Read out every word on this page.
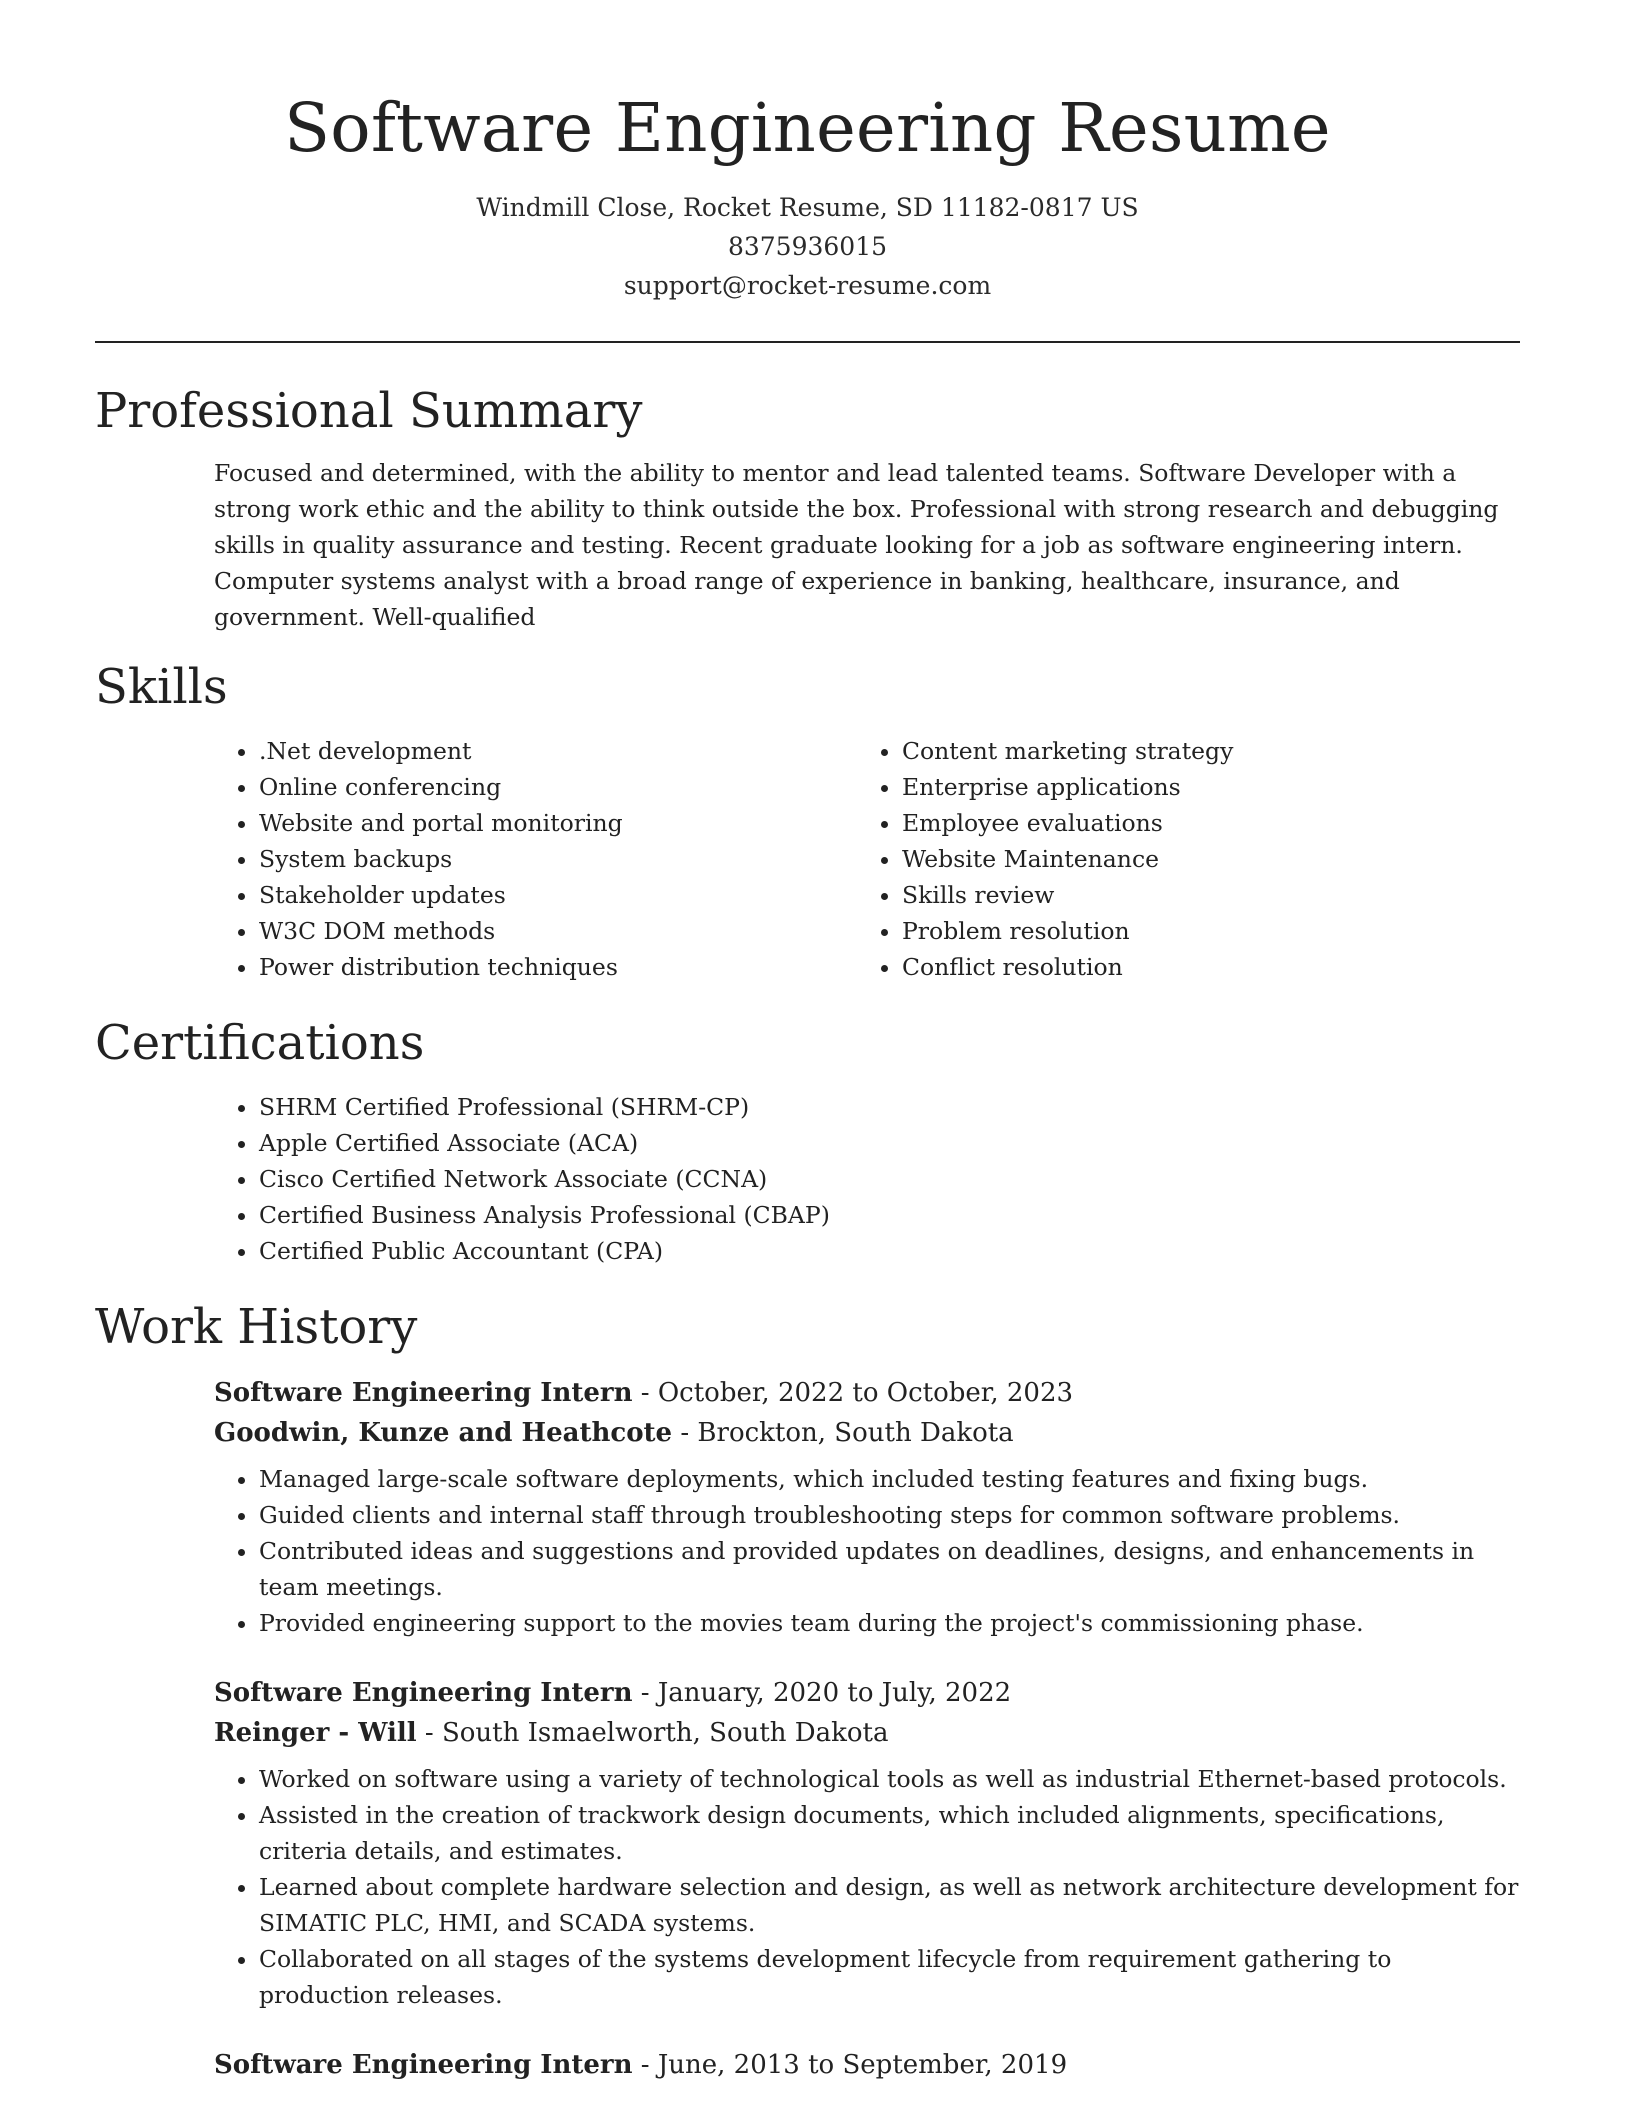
Software Engineering Resume

Windmill Close, Rocket Resume, SD 11182-0817 US

8375936015

support@rocket-resume.com

Professional Summary

Focused and determined, with the ability to mentor and lead talented teams. Software Developer with a strong work ethic and the ability to think outside the box. Professional with strong research and debugging skills in quality assurance and testing. Recent graduate looking for a job as software engineering intern. Computer systems analyst with a broad range of experience in banking, healthcare, insurance, and government. Well-qualified

Skills
• .Net development
• Online conferencing
• Website and portal monitoring
• System backups
• Stakeholder updates
• W3C DOM methods
• Power distribution techniques
• Content marketing strategy
• Enterprise applications
• Employee evaluations
• Website Maintenance
• Skills review
• Problem resolution
• Conflict resolution
Certifications
• SHRM Certified Professional (SHRM-CP)
• Apple Certified Associate (ACA)
• Cisco Certified Network Associate (CCNA)
• Certified Business Analysis Professional (CBAP)
• Certified Public Accountant (CPA)
Work History

Software Engineering Intern - October, 2022 to October, 2023

Goodwin, Kunze and Heathcote - Brockton, South Dakota

• Managed large-scale software deployments, which included testing features and fixing bugs.
• Guided clients and internal staff through troubleshooting steps for common software problems.
• Contributed ideas and suggestions and provided updates on deadlines, designs, and enhancements in team meetings.
• Provided engineering support to the movies team during the project's commissioning phase.

Software Engineering Intern - January, 2020 to July, 2022

Reinger - Will - South Ismaelworth, South Dakota

• Worked on software using a variety of technological tools as well as industrial Ethernet-based protocols.
• Assisted in the creation of trackwork design documents, which included alignments, specifications, criteria details, and estimates.
• Learned about complete hardware selection and design, as well as network architecture development for SIMATIC PLC, HMI, and SCADA systems.
• Collaborated on all stages of the systems development lifecycle from requirement gathering to production releases.

Software Engineering Intern - June, 2013 to September, 2019
